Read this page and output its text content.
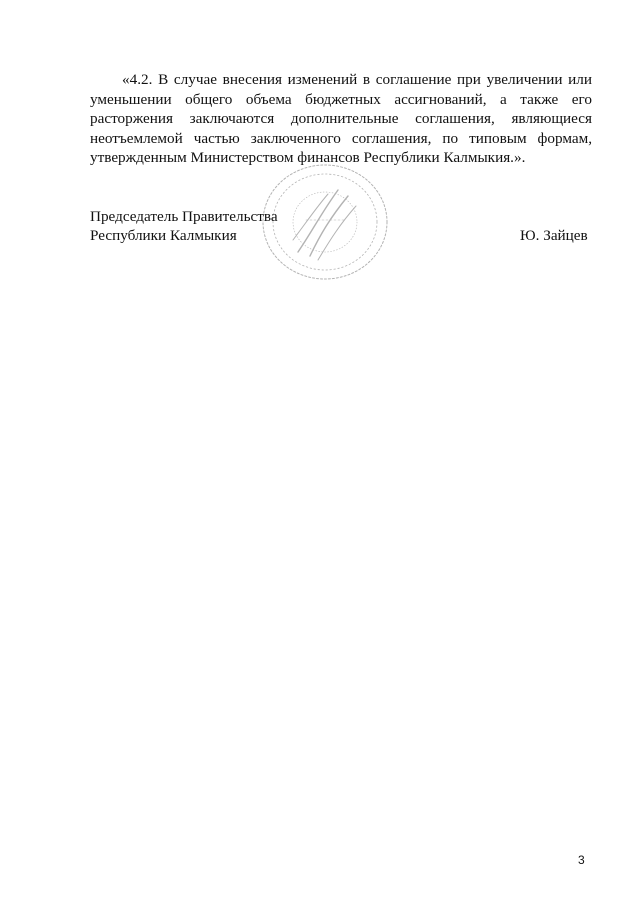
«4.2. В случае внесения изменений в соглашение при увеличении или уменьшении общего объема бюджетных ассигнований, а также его расторжения заключаются дополнительные соглашения, являющиеся неотъемлемой частью заключенного соглашения, по типовым формам, утвержденным Министерством финансов Республики Калмыкия.».

Председатель Правительства
Республики Калмыкия	Ю. Зайцев
3
